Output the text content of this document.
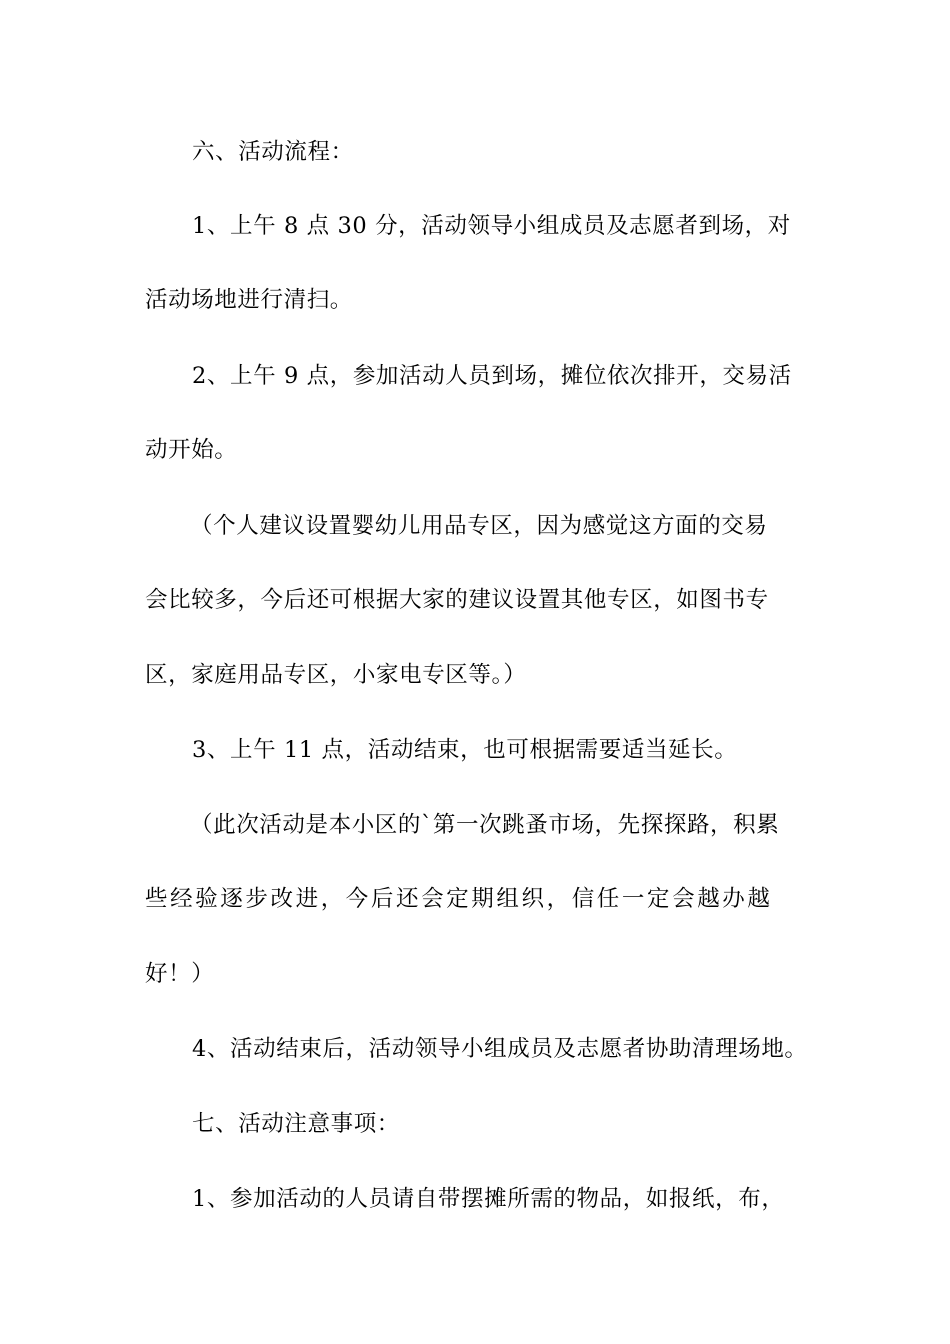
六、活动流程：
1、上午 8 点 30 分，活动领导小组成员及志愿者到场，对
活动场地进行清扫。
2、上午 9 点，参加活动人员到场，摊位依次排开，交易活
动开始。
（个人建议设置婴幼儿用品专区，因为感觉这方面的交易
会比较多，今后还可根据大家的建议设置其他专区，如图书专
区，家庭用品专区，小家电专区等。）
3、上午 11 点，活动结束，也可根据需要适当延长。
（此次活动是本小区的`第一次跳蚤市场，先探探路，积累
些经验逐步改进，今后还会定期组织，信任一定会越办越
好！）
4、活动结束后，活动领导小组成员及志愿者协助清理场地。
七、活动注意事项：
1、参加活动的人员请自带摆摊所需的物品，如报纸，布，
